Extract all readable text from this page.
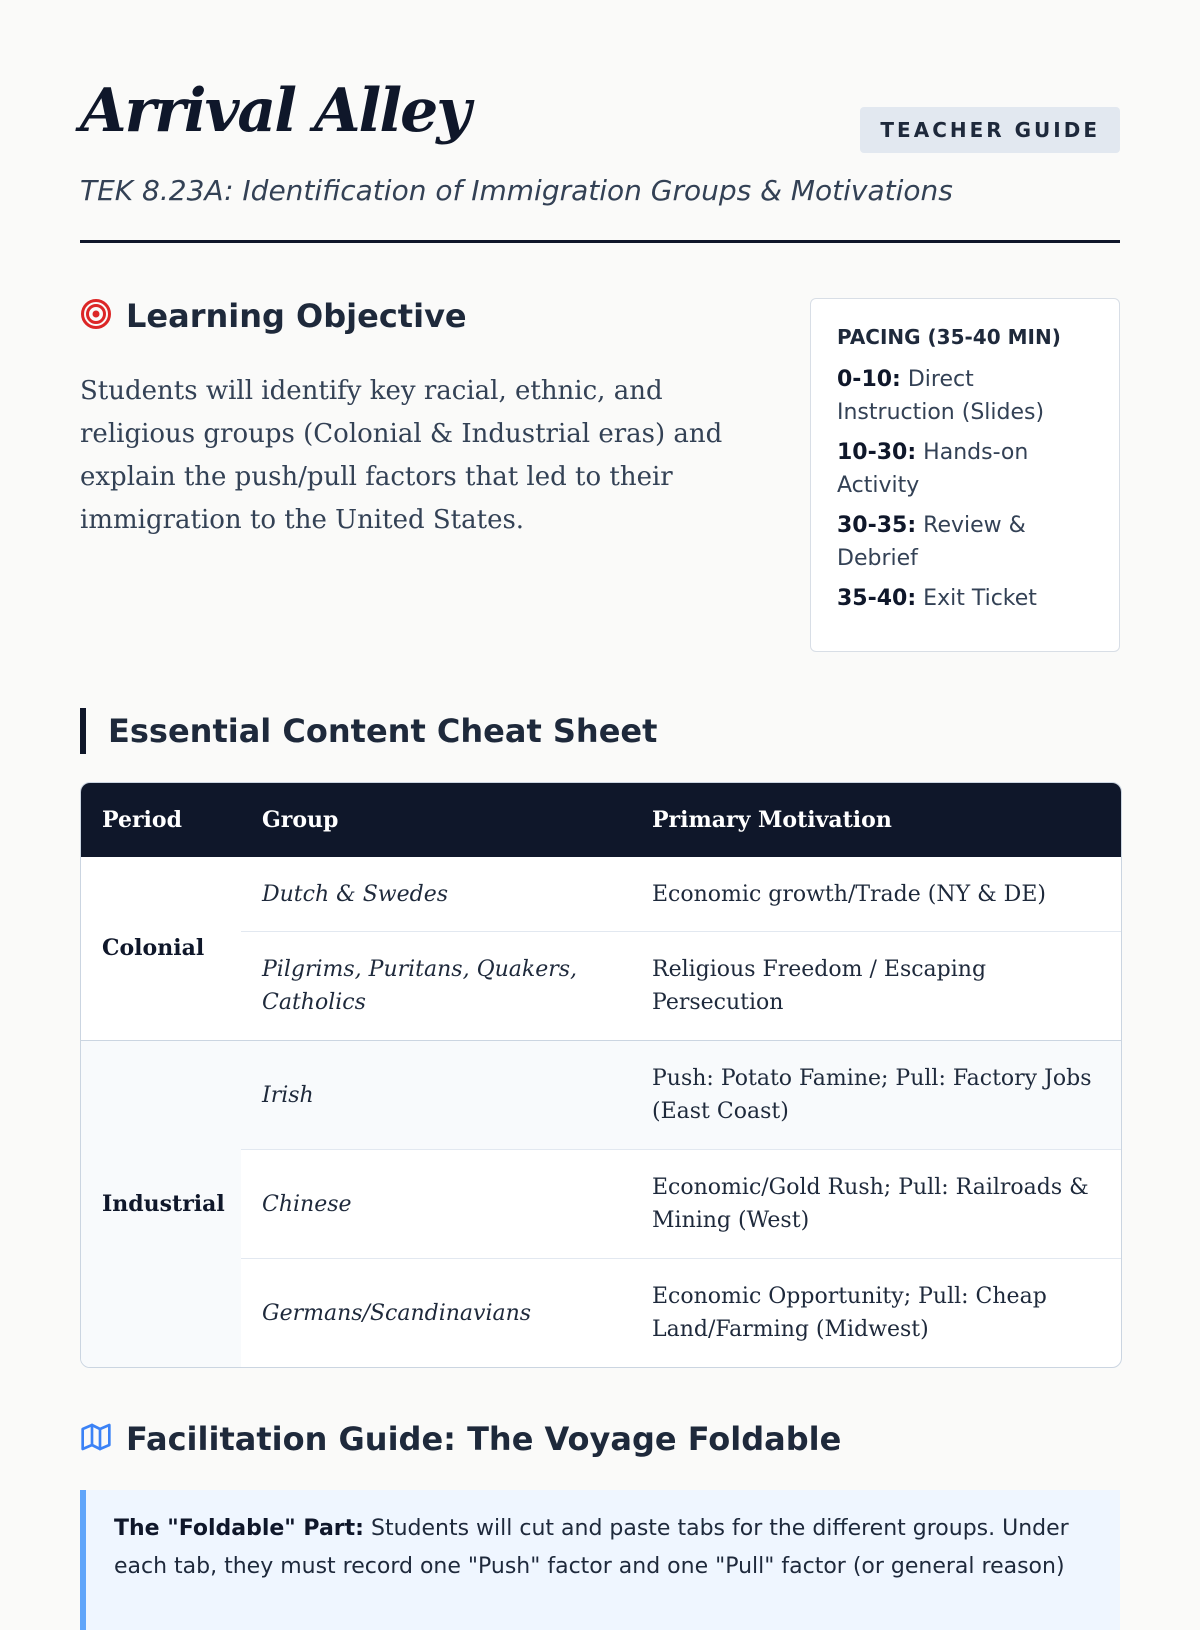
Arrival Alley	TEACHER GUIDE

TEK 8.23A: Identification of Immigration Groups & Motivations

Learning Objective

Students will identify key racial, ethnic, and religious groups (Colonial & Industrial eras) and explain the push/pull factors that led to their immigration to the United States.

PACING (35-40 MIN)

0-10: Direct Instruction (Slides)

10-30: Hands-on Activity

30-35: Review & Debrief

35-40: Exit Ticket

Essential Content Cheat Sheet
Period	Group	Primary Motivation
Colonial	Dutch & Swedes	Economic growth/Trade (NY & DE)
	Pilgrims, Puritans, Quakers, Catholics	Religious Freedom / Escaping Persecution
Industrial	Irish	Push: Potato Famine; Pull: Factory Jobs (East Coast)
	Chinese	Economic/Gold Rush; Pull: Railroads & Mining (West)
	Germans/Scandinavians	Economic Opportunity; Pull: Cheap Land/Farming (Midwest)
Facilitation Guide: The Voyage Foldable

The "Foldable" Part: Students will cut and paste tabs for the different groups. Under each tab, they must record one "Push" factor and one "Pull" factor (or general reason)
